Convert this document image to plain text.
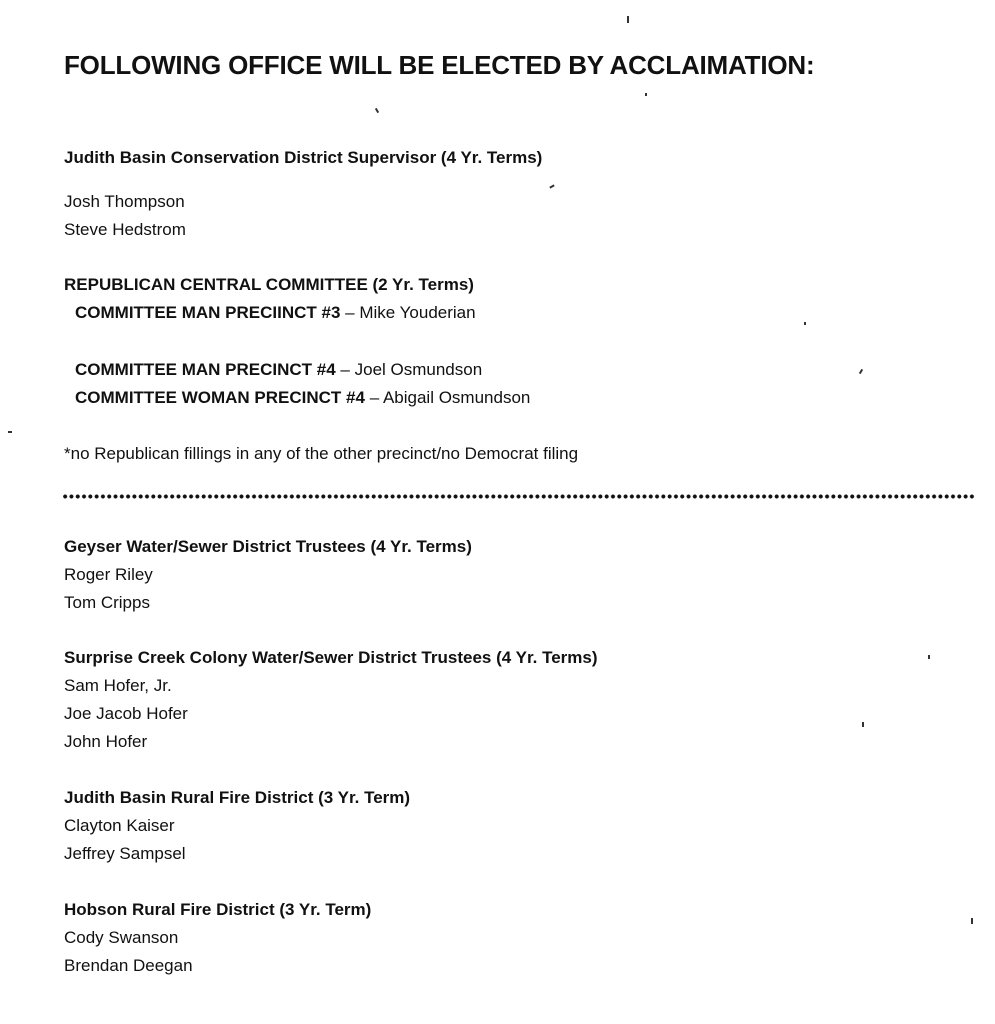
FOLLOWING OFFICE WILL BE ELECTED BY ACCLAIMATION:
Judith Basin Conservation District Supervisor (4 Yr. Terms)
Josh Thompson
Steve Hedstrom
REPUBLICAN CENTRAL COMMITTEE (2 Yr. Terms)
COMMITTEE MAN PRECIINCT #3 – Mike Youderian
COMMITTEE MAN PRECINCT #4 – Joel Osmundson
COMMITTEE WOMAN PRECINCT #4 – Abigail Osmundson
*no Republican fillings in any of the other precinct/no Democrat filing
Geyser Water/Sewer District Trustees (4 Yr. Terms)
Roger Riley
Tom Cripps
Surprise Creek Colony Water/Sewer District Trustees (4 Yr. Terms)
Sam Hofer, Jr.
Joe Jacob Hofer
John Hofer
Judith Basin Rural Fire District (3 Yr. Term)
Clayton Kaiser
Jeffrey Sampsel
Hobson Rural Fire District (3 Yr. Term)
Cody Swanson
Brendan Deegan
